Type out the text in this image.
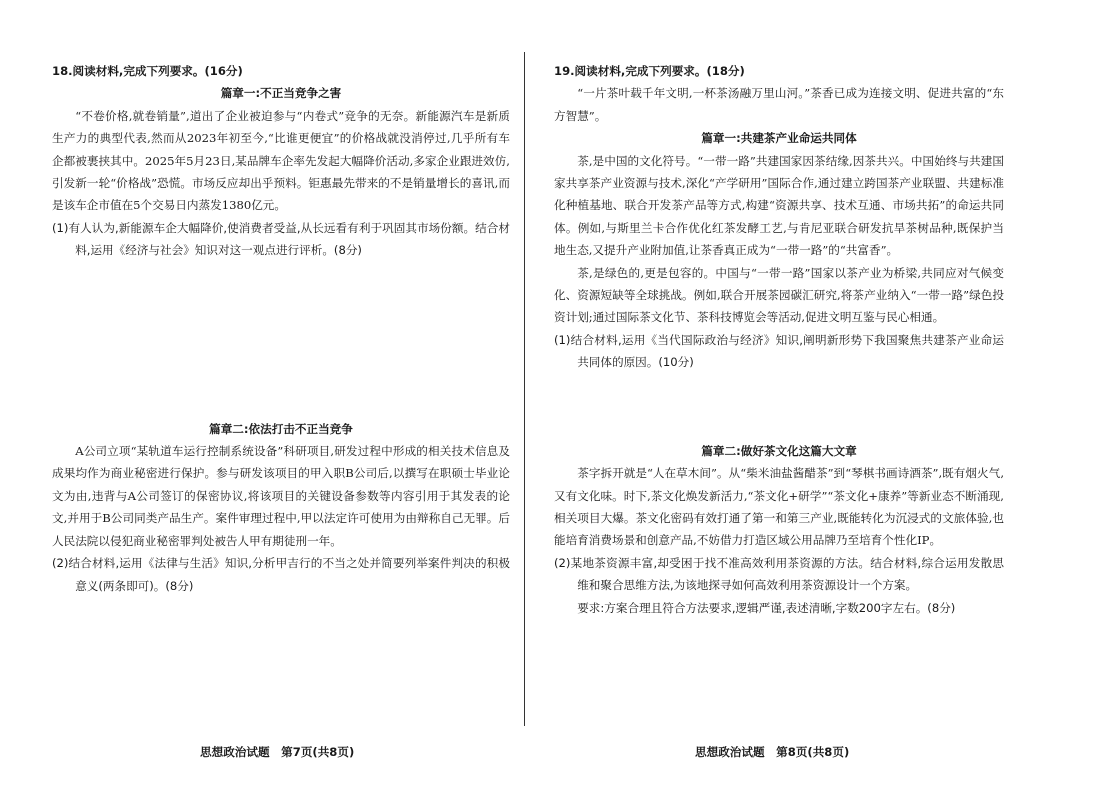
18.阅读材料,完成下列要求。(16分)

篇章一:不正当竞争之害

“不卷价格,就卷销量”,道出了企业被迫参与“内卷式”竞争的无奈。新能源汽车是新质生产力的典型代表,然而从2023年初至今,“比谁更便宜”的价格战就没消停过,几乎所有车企都被裹挟其中。2025年5月23日,某品牌车企率先发起大幅降价活动,多家企业跟进效仿,引发新一轮“价格战”恐慌。市场反应却出乎预料。钜惠最先带来的不是销量增长的喜讯,而是该车企市值在5个交易日内蒸发1380亿元。

(1)有人认为,新能源车企大幅降价,使消费者受益,从长远看有利于巩固其市场份额。结合材料,运用《经济与社会》知识对这一观点进行评析。(8分)

篇章二:依法打击不正当竞争

A公司立项“某轨道车运行控制系统设备”科研项目,研发过程中形成的相关技术信息及成果均作为商业秘密进行保护。参与研发该项目的甲入职B公司后,以撰写在职硕士毕业论文为由,违背与A公司签订的保密协议,将该项目的关键设备参数等内容引用于其发表的论文,并用于B公司同类产品生产。案件审理过程中,甲以法定许可使用为由辩称自己无罪。后人民法院以侵犯商业秘密罪判处被告人甲有期徒刑一年。

(2)结合材料,运用《法律与生活》知识,分析甲吉行的不当之处并简要列举案件判决的积极意义(两条即可)。(8分)

19.阅读材料,完成下列要求。(18分)

“一片茶叶载千年文明,一杯茶汤融万里山河。”茶香已成为连接文明、促进共富的“东方智慧”。

篇章一:共建茶产业命运共同体

茶,是中国的文化符号。“一带一路”共建国家因茶结缘,因茶共兴。中国始终与共建国家共享茶产业资源与技术,深化“产学研用”国际合作,通过建立跨国茶产业联盟、共建标准化种植基地、联合开发茶产品等方式,构建“资源共享、技术互通、市场共拓”的命运共同体。例如,与斯里兰卡合作优化红茶发酵工艺,与肯尼亚联合研发抗旱茶树品种,既保护当地生态,又提升产业附加值,让茶香真正成为“一带一路”的“共富香”。

茶,是绿色的,更是包容的。中国与“一带一路”国家以茶产业为桥梁,共同应对气候变化、资源短缺等全球挑战。例如,联合开展茶园碳汇研究,将茶产业纳入“一带一路”绿色投资计划;通过国际茶文化节、茶科技博览会等活动,促进文明互鉴与民心相通。

(1)结合材料,运用《当代国际政治与经济》知识,阐明新形势下我国聚焦共建茶产业命运共同体的原因。(10分)

篇章二:做好茶文化这篇大文章

茶字拆开就是“人在草木间”。从“柴米油盐酱醋茶”到“琴棋书画诗酒茶”,既有烟火气,又有文化味。时下,茶文化焕发新活力,“茶文化+研学”“茶文化+康养”等新业态不断涌现,相关项目大爆。茶文化密码有效打通了第一和第三产业,既能转化为沉浸式的文旅体验,也能培育消费场景和创意产品,不妨借力打造区域公用品牌乃至培育个性化IP。

(2)某地茶资源丰富,却受困于找不准高效利用茶资源的方法。结合材料,综合运用发散思维和聚合思维方法,为该地探寻如何高效利用茶资源设计一个方案。

要求:方案合理且符合方法要求,逻辑严谨,表述清晰,字数200字左右。(8分)

思想政治试题　第7页(共8页)	思想政治试题　第8页(共8页)
